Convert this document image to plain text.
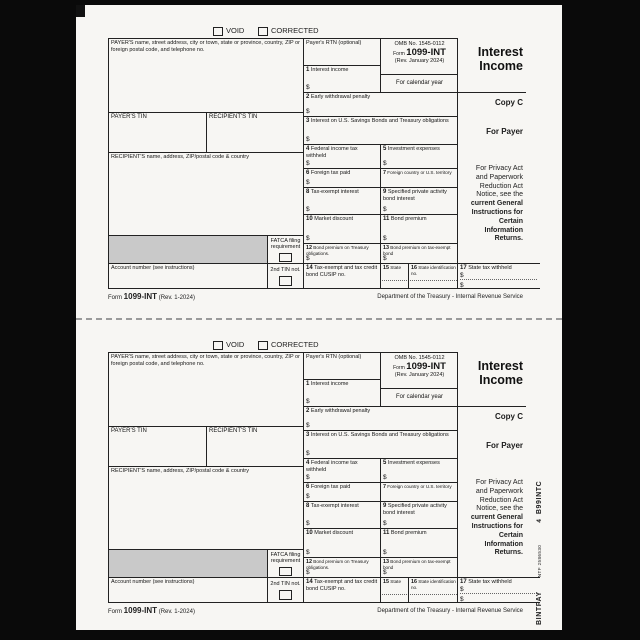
VOID	CORRECTED
PAYER'S name, street address, city or town, state or province, country, ZIP or foreign postal code, and telephone no.
PAYER'S TIN	RECIPIENT'S TIN
RECIPIENT'S name, address, ZIP/postal code & country
FATCA filing requirement
Account number (see instructions)	2nd TIN not.
Payer's RTN (optional)	OMB No. 1545-0112
Form 1099-INT
(Rev. January 2024)
1 Interest income
$
For calendar year
2 Early withdrawal penalty
$
3 Interest on U.S. Savings Bonds and Treasury obligations
$
4 Federal income tax withheld
$
5 Investment expenses
$
6 Foreign tax paid
$
7 Foreign country or U.S. territory
8 Tax-exempt interest
$
9 Specified private activity bond interest
$
10 Market discount
$
11 Bond premium
$
12 Bond premium on Treasury obligations.
$
13 Bond premium on tax-exempt bond
$
14 Tax-exempt and tax credit bond CUSIP no.
15 State	16 State identification no.
17 State tax withheld
$
$
Interest
Income
Copy C
For Payer
For Privacy Act and Paperwork Reduction Act Notice, see the current General Instructions for Certain Information Returns.
Form 1099-INT (Rev. 1-2024)	Department of the Treasury - Internal Revenue Service
VOID	CORRECTED
PAYER'S name, street address, city or town, state or province, country, ZIP or foreign postal code, and telephone no.
PAYER'S TIN	RECIPIENT'S TIN
RECIPIENT'S name, address, ZIP/postal code & country
FATCA filing requirement
Account number (see instructions)	2nd TIN not.
Payer's RTN (optional)	OMB No. 1545-0112
Form 1099-INT
(Rev. January 2024)
1 Interest income
$
For calendar year
2 Early withdrawal penalty
$
3 Interest on U.S. Savings Bonds and Treasury obligations
$
4 Federal income tax withheld
$
5 Investment expenses
$
6 Foreign tax paid
$
7 Foreign country or U.S. territory
8 Tax-exempt interest
$
9 Specified private activity bond interest
$
10 Market discount
$
11 Bond premium
$
12 Bond premium on Treasury obligations.
$
13 Bond premium on tax-exempt bond
$
14 Tax-exempt and tax credit bond CUSIP no.
15 State	16 State identification no.
17 State tax withheld
$
$
Interest
Income
Copy C
For Payer
For Privacy Act and Paperwork Reduction Act Notice, see the current General Instructions for Certain Information Returns.
Form 1099-INT (Rev. 1-2024)	Department of the Treasury - Internal Revenue Service BINTPAY
NTF 2586530
4
B99INTC
